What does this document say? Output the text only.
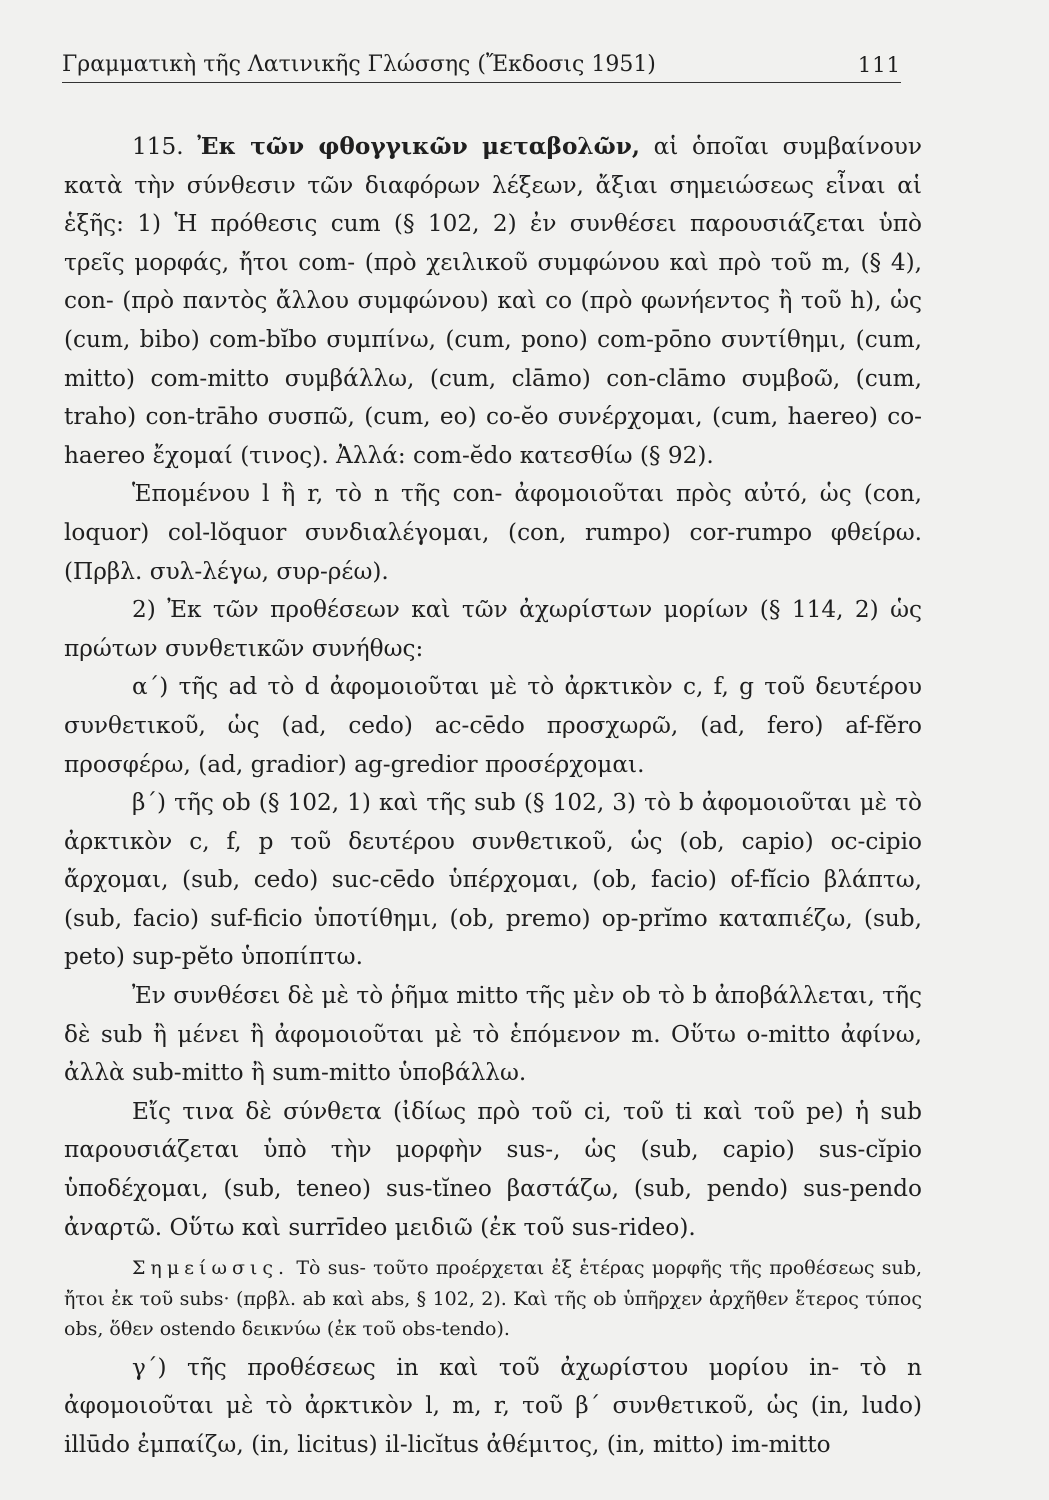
Γραμματικὴ τῆς Λατινικῆς Γλώσσης (Ἔκδοσις 1951)	111

115. Ἐκ τῶν φθογγικῶν μεταβολῶν, αἱ ὁποῖαι συμβαίνουν κατὰ τὴν σύνθεσιν τῶν διαφόρων λέξεων, ἄξιαι σημειώσεως εἶναι αἱ ἑξῆς: 1) Ἡ πρόθεσις cum (§ 102, 2) ἐν συνθέσει παρουσιάζεται ὑπὸ τρεῖς μορφάς, ἤτοι com- (πρὸ χειλικοῦ συμφώνου καὶ πρὸ τοῦ m, (§ 4), con- (πρὸ παντὸς ἄλλου συμφώνου) καὶ co (πρὸ φωνήεντος ἢ τοῦ h), ὡς (cum, bibo) com-bĭbo συμπίνω, (cum, pono) com-pōno συντίθημι, (cum, mitto) com-mitto συμβάλλω, (cum, clāmo) con-clāmo συμβοῶ, (cum, traho) con-trāho συσπῶ, (cum, eo) co-ĕo συνέρχομαι, (cum, haereo) co-haereo ἔχομαί (τινος). Ἀλλά: com-ĕdo κατεσθίω (§ 92).

Ἑπομένου l ἢ r, τὸ n τῆς con- ἀφομοιοῦται πρὸς αὐτό, ὡς (con, loquor) col-lŏquor συνδιαλέγομαι, (con, rumpo) cor-rumpo φθείρω. (Πρβλ. συλ-λέγω, συρ-ρέω).

2) Ἐκ τῶν προθέσεων καὶ τῶν ἀχωρίστων μορίων (§ 114, 2) ὡς πρώτων συνθετικῶν συνήθως:

α΄) τῆς ad τὸ d ἀφομοιοῦται μὲ τὸ ἀρκτικὸν c, f, g τοῦ δευτέρου συνθετικοῦ, ὡς (ad, cedo) ac-cēdo προσχωρῶ, (ad, fero) af-fĕro προσφέρω, (ad, gradior) ag-gredior προσέρχομαι.

β΄) τῆς ob (§ 102, 1) καὶ τῆς sub (§ 102, 3) τὸ b ἀφομοιοῦται μὲ τὸ ἀρκτικὸν c, f, p τοῦ δευτέρου συνθετικοῦ, ὡς (ob, capio) oc-cipio ἄρχομαι, (sub, cedo) suc-cēdo ὑπέρχομαι, (ob, facio) of-fĭcio βλάπτω, (sub, facio) suf-ficio ὑποτίθημι, (ob, premo) op-prĭmo καταπιέζω, (sub, peto) sup-pĕto ὑποπίπτω.

Ἐν συνθέσει δὲ μὲ τὸ ῥῆμα mitto τῆς μὲν ob τὸ b ἀποβάλλεται, τῆς δὲ sub ἢ μένει ἢ ἀφομοιοῦται μὲ τὸ ἑπόμενον m. Οὕτω o-mitto ἀφίνω, ἀλλὰ sub-mitto ἢ sum-mitto ὑποβάλλω.

Εἴς τινα δὲ σύνθετα (ἰδίως πρὸ τοῦ ci, τοῦ ti καὶ τοῦ pe) ἡ sub παρουσιάζεται ὑπὸ τὴν μορφὴν sus-, ὡς (sub, capio) sus-cĭpio ὑποδέχομαι, (sub, teneo) sus-tĭneo βαστάζω, (sub, pendo) sus-pendo ἀναρτῶ. Οὕτω καὶ surrīdeo μειδιῶ (ἐκ τοῦ sus-rideo).

Σημείωσις. Τὸ sus- τοῦτο προέρχεται ἐξ ἑτέρας μορφῆς τῆς προθέσεως sub, ἤτοι ἐκ τοῦ subs· (πρβλ. ab καὶ abs, § 102, 2). Καὶ τῆς ob ὑπῆρχεν ἀρχῆθεν ἕτερος τύπος obs, ὅθεν ostendo δεικνύω (ἐκ τοῦ obs-tendo).

γ΄) τῆς προθέσεως in καὶ τοῦ ἀχωρίστου μορίου in- τὸ n ἀφομοιοῦται μὲ τὸ ἀρκτικὸν l, m, r, τοῦ β΄ συνθετικοῦ, ὡς (in, ludo) illūdo ἐμπαίζω, (in, licitus) il-licĭtus ἀθέμιτος, (in, mitto) im-mitto
